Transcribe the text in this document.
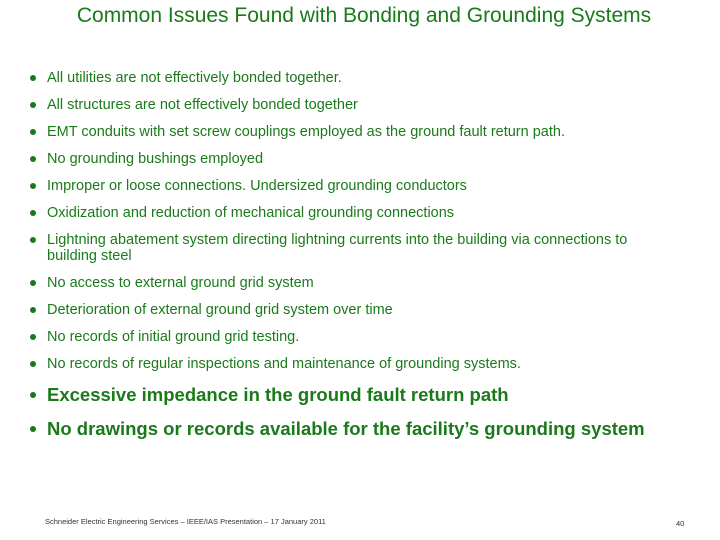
Common Issues Found with Bonding and Grounding Systems
All utilities are not effectively bonded together.
All structures are not effectively bonded together
EMT conduits with set screw couplings employed as the ground fault return path.
No grounding bushings employed
Improper or loose connections. Undersized grounding conductors
Oxidization and reduction of mechanical grounding connections
Lightning abatement system directing lightning currents into the building via connections to building steel
No access to external ground grid system
Deterioration of external ground grid system over time
No records of initial ground grid testing.
No records of regular inspections and maintenance of grounding systems.
Excessive impedance in the ground fault return path
No drawings or records available for the facility’s grounding system
Schneider Electric Engineering Services – IEEE/IAS Presentation – 17 January 2011	40
